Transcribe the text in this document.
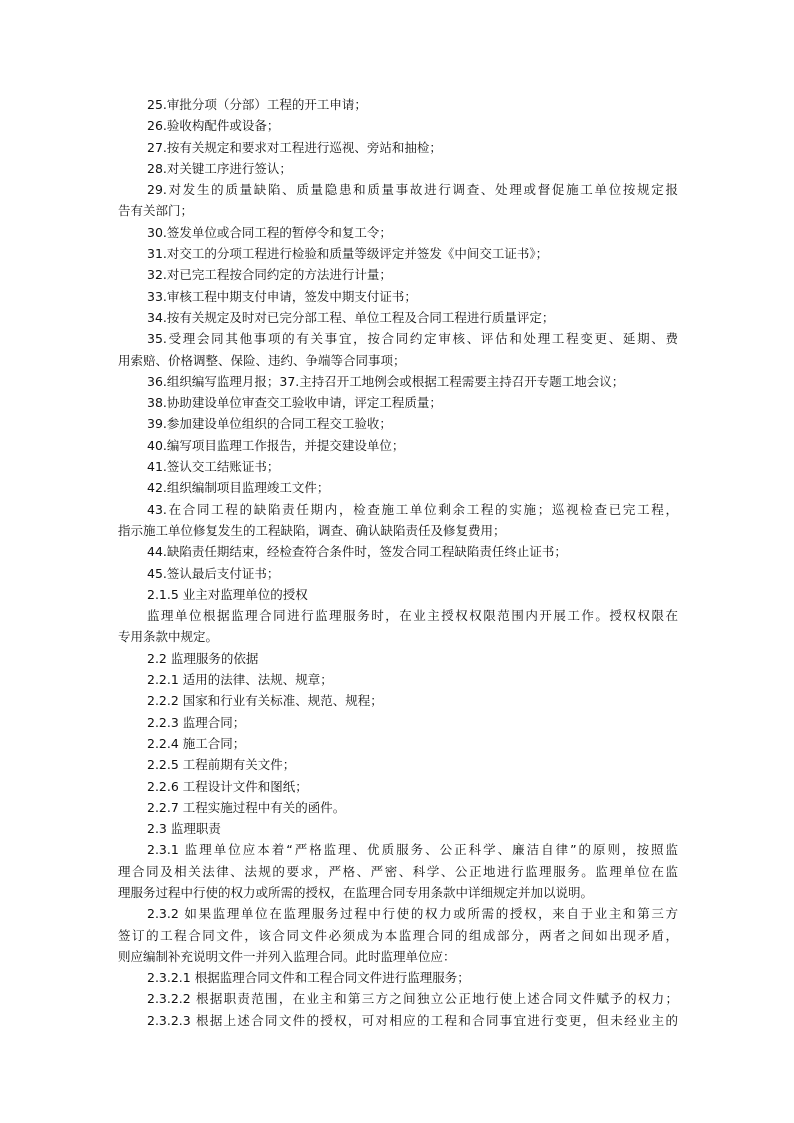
25.审批分项（分部）工程的开工申请；
26.验收构配件或设备；
27.按有关规定和要求对工程进行巡视、旁站和抽检；
28.对关键工序进行签认；
29.对发生的质量缺陷、质量隐患和质量事故进行调查、处理或督促施工单位按规定报
告有关部门；
30.签发单位或合同工程的暂停令和复工令；
31.对交工的分项工程进行检验和质量等级评定并签发《中间交工证书》；
32.对已完工程按合同约定的方法进行计量；
33.审核工程中期支付申请，签发中期支付证书；
34.按有关规定及时对已完分部工程、单位工程及合同工程进行质量评定；
35.受理会同其他事项的有关事宜，按合同约定审核、评估和处理工程变更、延期、费
用索赔、价格调整、保险、违约、争端等合同事项；
36.组织编写监理月报；37.主持召开工地例会或根据工程需要主持召开专题工地会议；
38.协助建设单位审查交工验收申请，评定工程质量；
39.参加建设单位组织的合同工程交工验收；
40.编写项目监理工作报告，并提交建设单位；
41.签认交工结账证书；
42.组织编制项目监理竣工文件；
43.在合同工程的缺陷责任期内，检查施工单位剩余工程的实施；巡视检查已完工程，
指示施工单位修复发生的工程缺陷，调查、确认缺陷责任及修复费用；
44.缺陷责任期结束，经检查符合条件时，签发合同工程缺陷责任终止证书；
45.签认最后支付证书；
2.1.5 业主对监理单位的授权
监理单位根据监理合同进行监理服务时，在业主授权权限范围内开展工作。授权权限在
专用条款中规定。
2.2 监理服务的依据
2.2.1 适用的法律、法规、规章；
2.2.2 国家和行业有关标准、规范、规程；
2.2.3 监理合同；
2.2.4 施工合同；
2.2.5 工程前期有关文件；
2.2.6 工程设计文件和图纸；
2.2.7 工程实施过程中有关的函件。
2.3 监理职责
2.3.1 监理单位应本着“严格监理、优质服务、公正科学、廉洁自律”的原则，按照监
理合同及相关法律、法规的要求，严格、严密、科学、公正地进行监理服务。监理单位在监
理服务过程中行使的权力或所需的授权，在监理合同专用条款中详细规定并加以说明。
2.3.2 如果监理单位在监理服务过程中行使的权力或所需的授权，来自于业主和第三方
签订的工程合同文件，该合同文件必须成为本监理合同的组成部分，两者之间如出现矛盾，
则应编制补充说明文件一并列入监理合同。此时监理单位应：
2.3.2.1 根据监理合同文件和工程合同文件进行监理服务；
2.3.2.2 根据职责范围，在业主和第三方之间独立公正地行使上述合同文件赋予的权力；
2.3.2.3 根据上述合同文件的授权，可对相应的工程和合同事宜进行变更，但未经业主的
